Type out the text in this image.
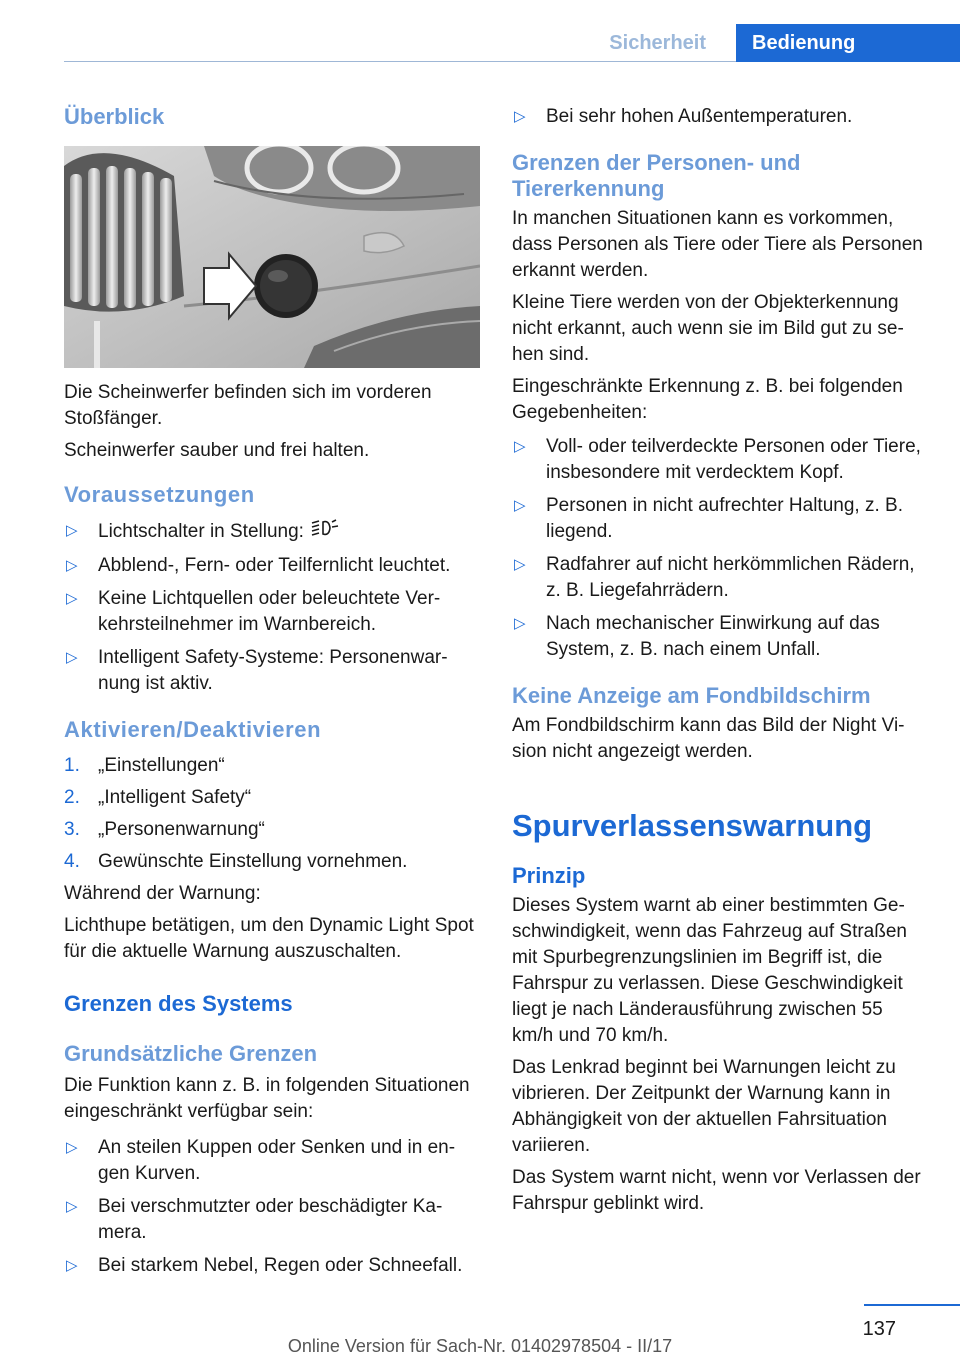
Sicherheit	Bedienung
Überblick
Die Scheinwerfer befinden sich im vorderen Stoßfänger.
Scheinwerfer sauber und frei halten.
Voraussetzungen
▷ Lichtschalter in Stellung:
▷ Abblend-, Fern- oder Teilfernlicht leuchtet.
▷ Keine Lichtquellen oder beleuchtete Verkehrsteilnehmer im Warnbereich.
▷ Intelligent Safety-Systeme: Personenwarnung ist aktiv.
Aktivieren/Deaktivieren
1. „Einstellungen“
2. „Intelligent Safety“
3. „Personenwarnung“
4. Gewünschte Einstellung vornehmen.
Während der Warnung:
Lichthupe betätigen, um den Dynamic Light Spot für die aktuelle Warnung auszuschalten.
Grenzen des Systems
Grundsätzliche Grenzen
Die Funktion kann z. B. in folgenden Situationen eingeschränkt verfügbar sein:
▷ An steilen Kuppen oder Senken und in engen Kurven.
▷ Bei verschmutzter oder beschädigter Kamera.
▷ Bei starkem Nebel, Regen oder Schneefall.
▷ Bei sehr hohen Außentemperaturen.
Grenzen der Personen- und Tiererkennung
In manchen Situationen kann es vorkommen, dass Personen als Tiere oder Tiere als Personen erkannt werden.
Kleine Tiere werden von der Objekterkennung nicht erkannt, auch wenn sie im Bild gut zu sehen sind.
Eingeschränkte Erkennung z. B. bei folgenden Gegebenheiten:
▷ Voll- oder teilverdeckte Personen oder Tiere, insbesondere mit verdecktem Kopf.
▷ Personen in nicht aufrechter Haltung, z. B. liegend.
▷ Radfahrer auf nicht herkömmlichen Rädern, z. B. Liegefahrrädern.
▷ Nach mechanischer Einwirkung auf das System, z. B. nach einem Unfall.
Keine Anzeige am Fondbildschirm
Am Fondbildschirm kann das Bild der Night Vision nicht angezeigt werden.
Spurverlassenswarnung
Prinzip
Dieses System warnt ab einer bestimmten Geschwindigkeit, wenn das Fahrzeug auf Straßen mit Spurbegrenzungslinien im Begriff ist, die Fahrspur zu verlassen. Diese Geschwindigkeit liegt je nach Länderausführung zwischen 55 km/h und 70 km/h.
Das Lenkrad beginnt bei Warnungen leicht zu vibrieren. Der Zeitpunkt der Warnung kann in Abhängigkeit von der aktuellen Fahrsituation variieren.
Das System warnt nicht, wenn vor Verlassen der Fahrspur geblinkt wird.
137
Online Version für Sach-Nr. 01402978504 - II/17
